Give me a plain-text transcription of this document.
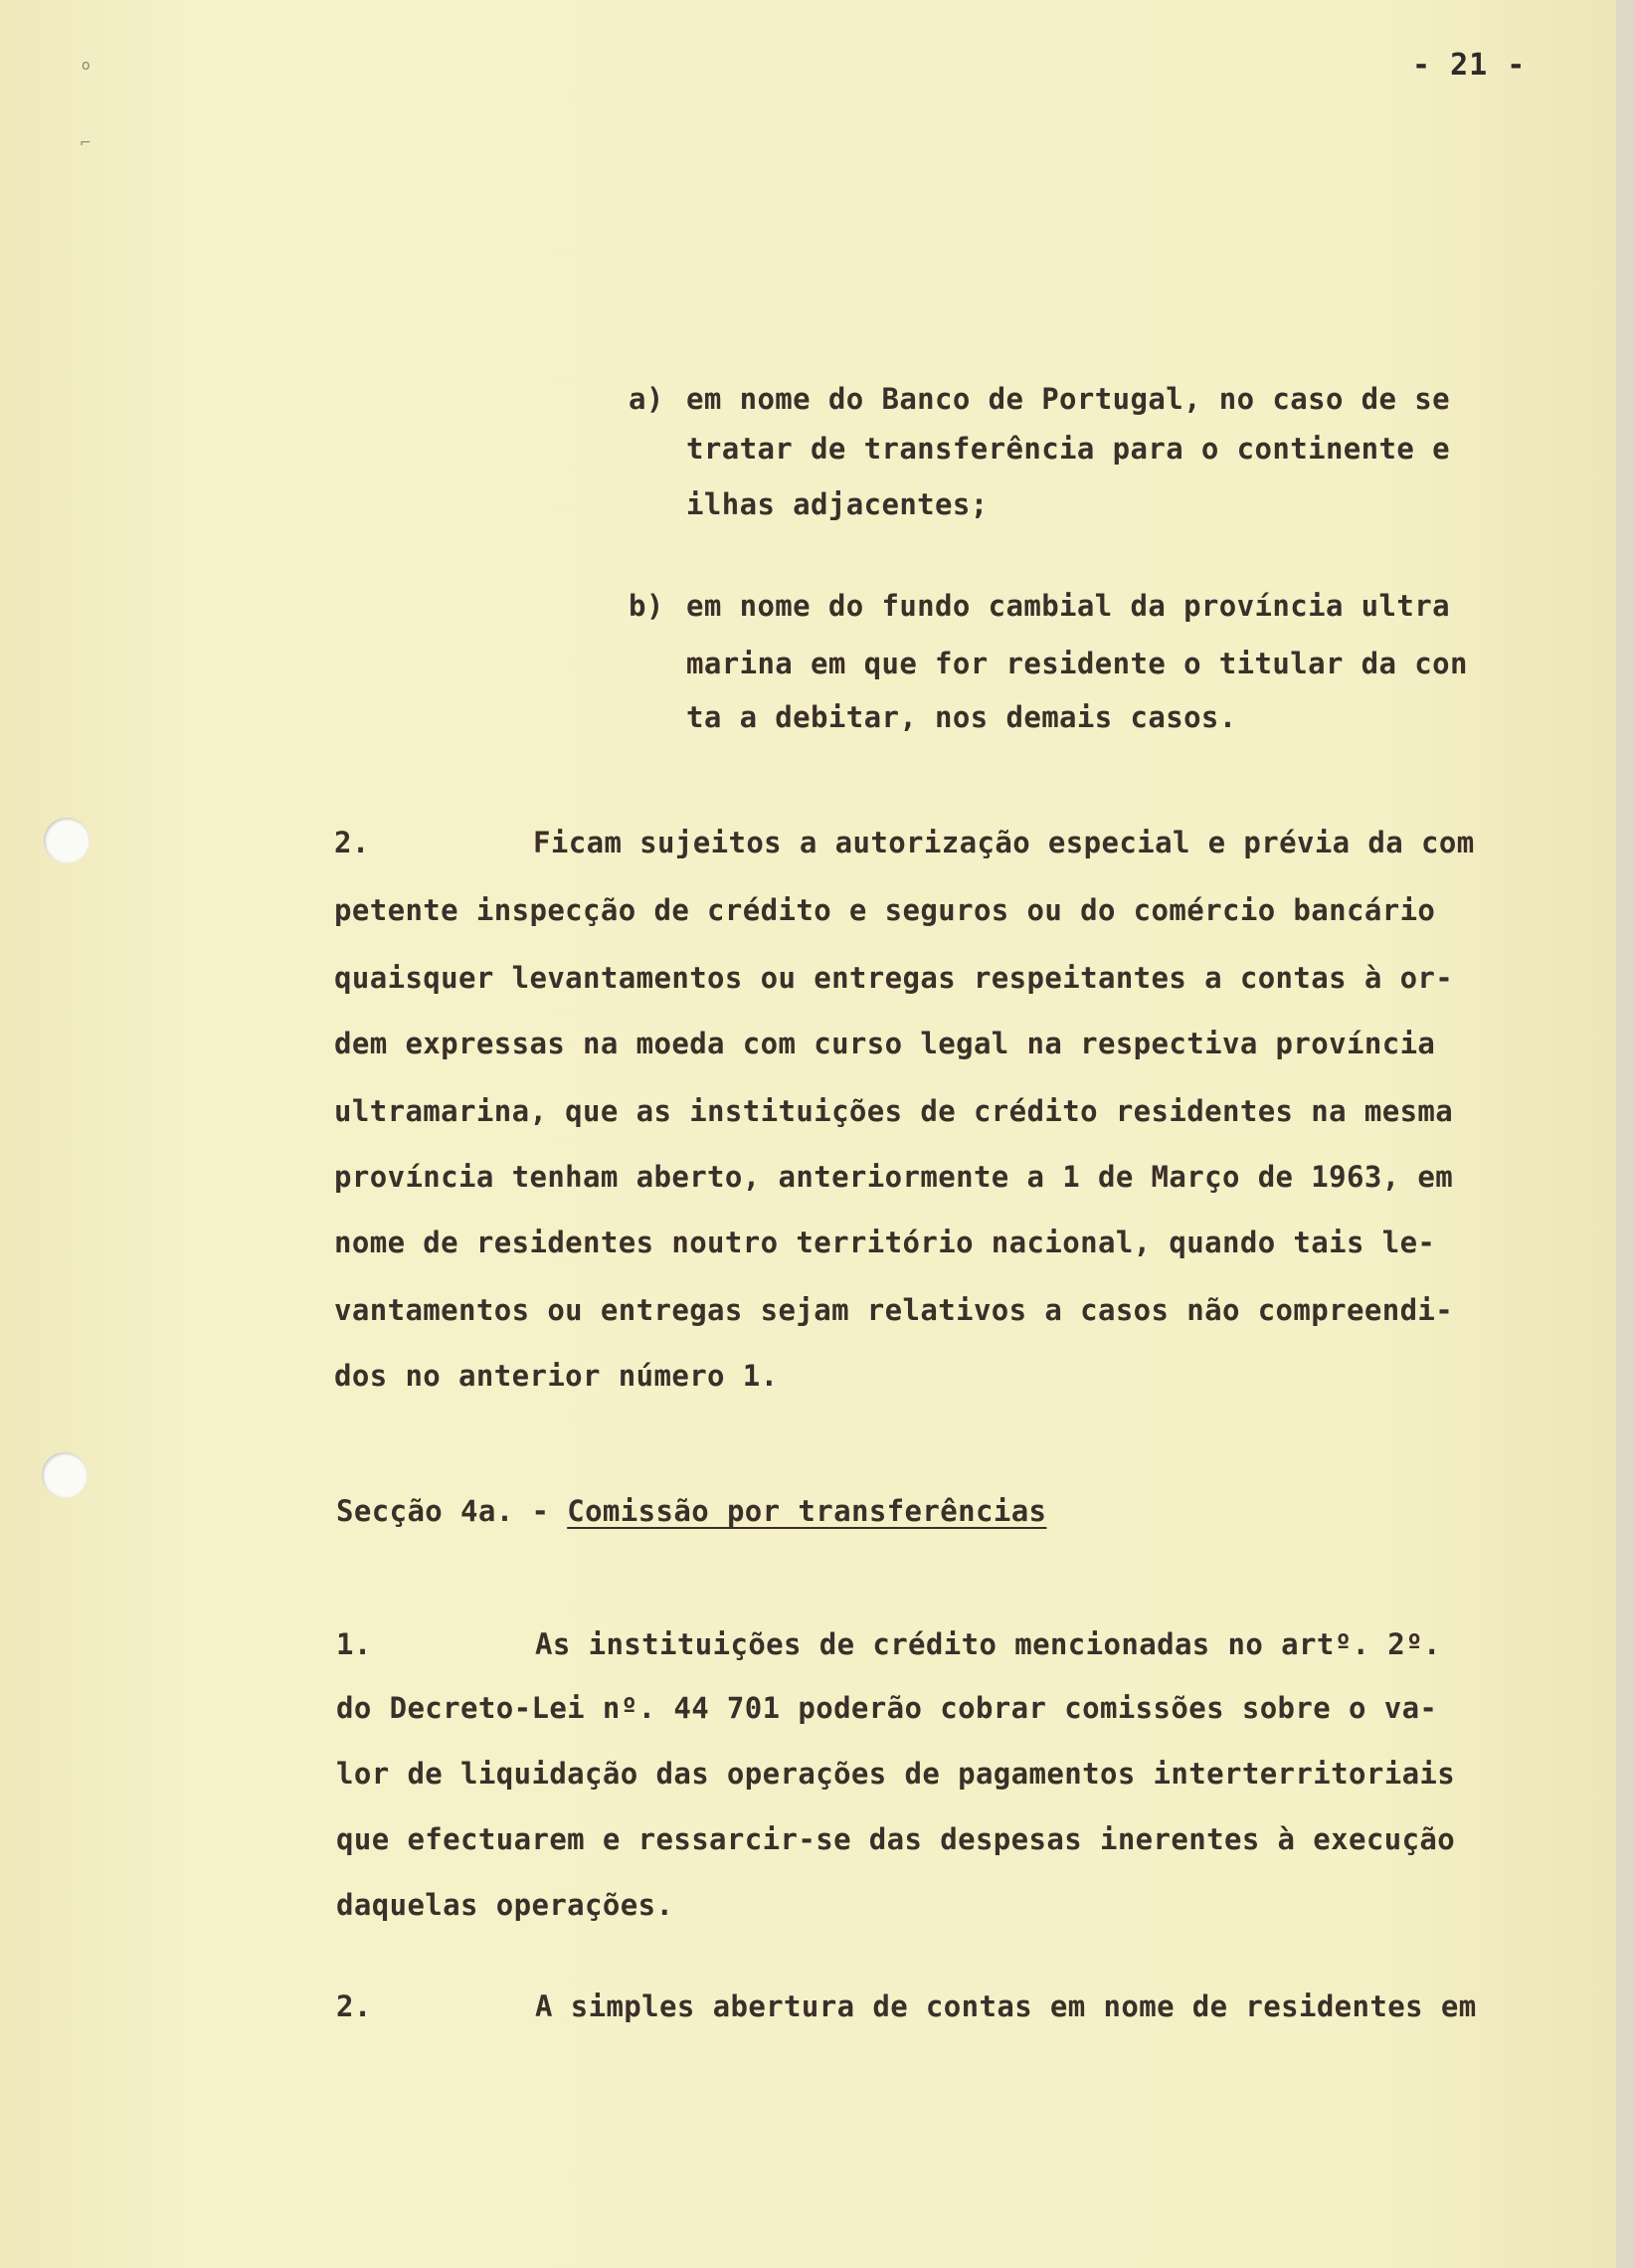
o
⌐
- 21 -
a) em nome do Banco de Portugal, no caso de se
tratar de transferência para o continente e
ilhas adjacentes;
b) em nome do fundo cambial da província ultra
marina em que for residente o titular da con
ta a debitar, nos demais casos.
2.	Ficam sujeitos a autorização especial e prévia da com
petente inspecção de crédito e seguros ou do comércio bancário
quaisquer levantamentos ou entregas respeitantes a contas à or-
dem expressas na moeda com curso legal na respectiva província
ultramarina, que as instituições de crédito residentes na mesma
província tenham aberto, anteriormente a 1 de Março de 1963, em
nome de residentes noutro território nacional, quando tais le-
vantamentos ou entregas sejam relativos a casos não compreendi-
dos no anterior número 1.
Secção 4a. - Comissão por transferências
1.	As instituições de crédito mencionadas no artº. 2º.
do Decreto-Lei nº. 44 701 poderão cobrar comissões sobre o va-
lor de liquidação das operações de pagamentos interterritoriais
que efectuarem e ressarcir-se das despesas inerentes à execução
daquelas operações.
2.	A simples abertura de contas em nome de residentes em
